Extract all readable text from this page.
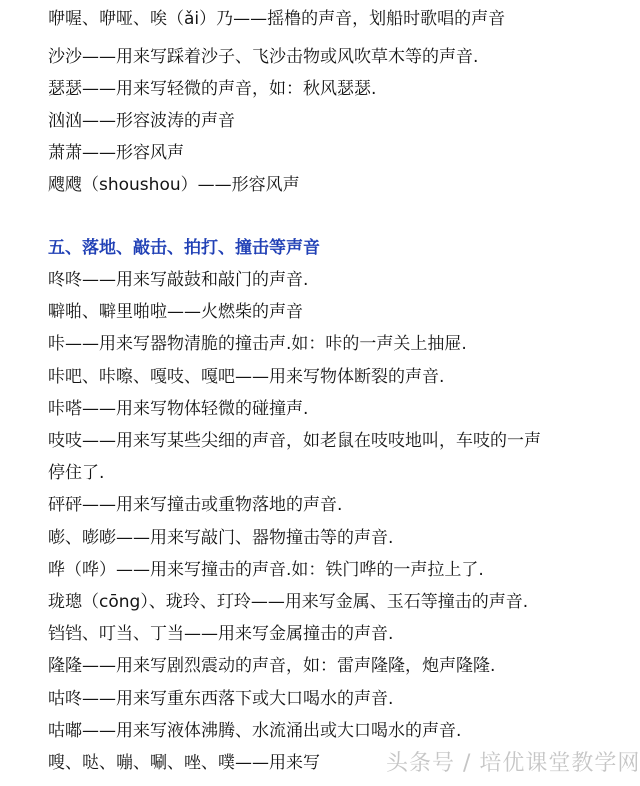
咿喔、咿哑、唉（ǎi）乃——摇橹的声音，划船时歌唱的声音
沙沙——用来写踩着沙子、飞沙击物或风吹草木等的声音.
瑟瑟——用来写轻微的声音，如：秋风瑟瑟.
汹汹——形容波涛的声音
萧萧——形容风声
飕飕（shoushou）——形容风声
五、落地、敲击、拍打、撞击等声音
咚咚——用来写敲鼓和敲门的声音.
噼啪、噼里啪啦——火燃柴的声音
咔——用来写器物清脆的撞击声.如：咔的一声关上抽屉.
咔吧、咔嚓、嘎吱、嘎吧——用来写物体断裂的声音.
咔嗒——用来写物体轻微的碰撞声.
吱吱——用来写某些尖细的声音，如老鼠在吱吱地叫，车吱的一声
停住了.
砰砰——用来写撞击或重物落地的声音.
嘭、嘭嘭——用来写敲门、器物撞击等的声音.
哗（哗）——用来写撞击的声音.如：铁门哗的一声拉上了.
珑璁（cōng）、珑玲、玎玲——用来写金属、玉石等撞击的声音.
铛铛、叮当、丁当——用来写金属撞击的声音.
隆隆——用来写剧烈震动的声音，如：雷声隆隆，炮声隆隆.
咕咚——用来写重东西落下或大口喝水的声音.
咕嘟——用来写液体沸腾、水流涌出或大口喝水的声音.
嗖、哒、嘣、唰、唑、噗——用来写	头条号 / 培优课堂教学网
